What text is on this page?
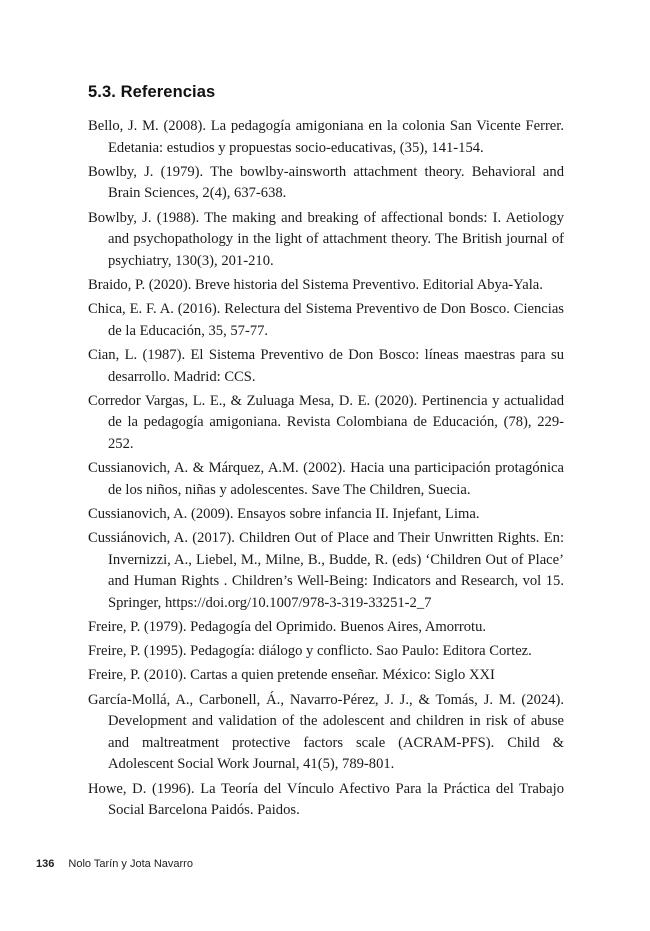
5.3. Referencias
Bello, J. M. (2008). La pedagogía amigoniana en la colonia San Vicente Ferrer. Edetania: estudios y propuestas socio-educativas, (35), 141-154.
Bowlby, J. (1979). The bowlby-ainsworth attachment theory. Behavioral and Brain Sciences, 2(4), 637-638.
Bowlby, J. (1988). The making and breaking of affectional bonds: I. Aetiology and psychopathology in the light of attachment theory. The British journal of psychiatry, 130(3), 201-210.
Braido, P. (2020). Breve historia del Sistema Preventivo. Editorial Abya-Yala.
Chica, E. F. A. (2016). Relectura del Sistema Preventivo de Don Bosco. Ciencias de la Educación, 35, 57-77.
Cian, L. (1987). El Sistema Preventivo de Don Bosco: líneas maestras para su desarrollo. Madrid: CCS.
Corredor Vargas, L. E., & Zuluaga Mesa, D. E. (2020). Pertinencia y actualidad de la pedagogía amigoniana. Revista Colombiana de Educación, (78), 229-252.
Cussianovich, A. & Márquez, A.M. (2002). Hacia una participación protagónica de los niños, niñas y adolescentes. Save The Children, Suecia.
Cussianovich, A. (2009). Ensayos sobre infancia II. Injefant, Lima.
Cussiánovich, A. (2017). Children Out of Place and Their Unwritten Rights. En: Invernizzi, A., Liebel, M., Milne, B., Budde, R. (eds) ‘Children Out of Place’ and Human Rights . Children’s Well-Being: Indicators and Research, vol 15. Springer, https://doi.org/10.1007/978-3-319-33251-2_7
Freire, P. (1979). Pedagogía del Oprimido. Buenos Aires, Amorrotu.
Freire, P. (1995). Pedagogía: diálogo y conflicto. Sao Paulo: Editora Cortez.
Freire, P. (2010). Cartas a quien pretende enseñar. México: Siglo XXI
García-Mollá, A., Carbonell, Á., Navarro-Pérez, J. J., & Tomás, J. M. (2024). Development and validation of the adolescent and children in risk of abuse and maltreatment protective factors scale (ACRAM-PFS). Child & Adolescent Social Work Journal, 41(5), 789-801.
Howe, D. (1996). La Teoría del Vínculo Afectivo Para la Práctica del Trabajo Social Barcelona Paidós. Paidos.
136 Nolo Tarín y Jota Navarro
